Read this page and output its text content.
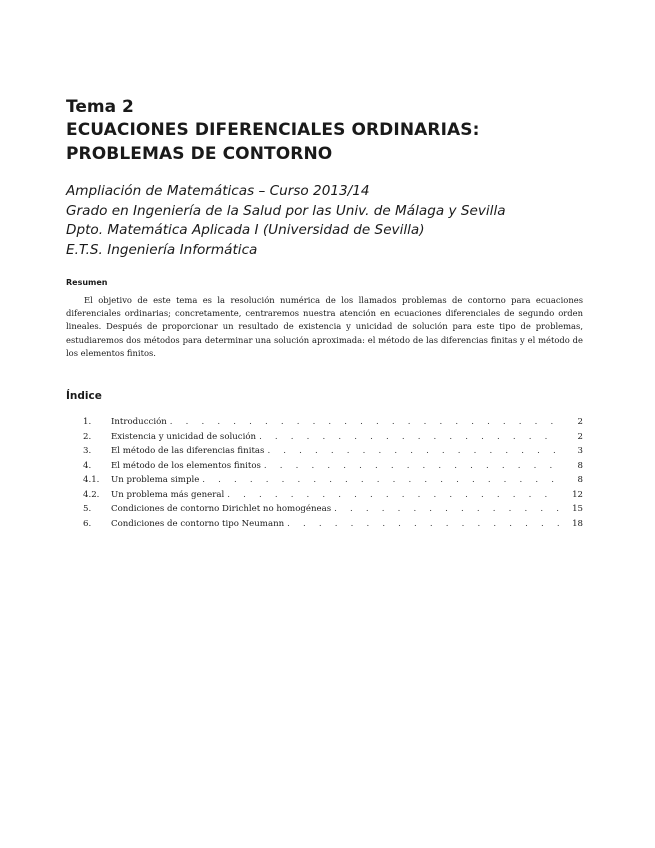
Tema 2
ECUACIONES DIFERENCIALES ORDINARIAS:
PROBLEMAS DE CONTORNO
Ampliación de Matemáticas – Curso 2013/14
Grado en Ingeniería de la Salud por las Univ. de Málaga y Sevilla
Dpto. Matemática Aplicada I (Universidad de Sevilla)
E.T.S. Ingeniería Informática
Resumen

El objetivo de este tema es la resolución numérica de los llamados problemas de contorno para ecuaciones diferenciales ordinarias; concretamente, centraremos nuestra atención en ecuaciones diferenciales de segundo orden lineales. Después de proporcionar un resultado de existencia y unicidad de solución para este tipo de problemas, estudiaremos dos métodos para determinar una solución aproximada: el método de las diferencias finitas y el método de los elementos finitos.

Índice
1.	Introducción . . .	2
2.	Existencia y unicidad de solución . . .	2
3.	El método de las diferencias finitas . . .	3
4.	El método de los elementos finitos . . .	8
4.1.	Un problema simple . . .	8
4.2.	Un problema más general . . .	12
5.	Condiciones de contorno Dirichlet no homogéneas . . .	15
6.	Condiciones de contorno tipo Neumann . . .	18
